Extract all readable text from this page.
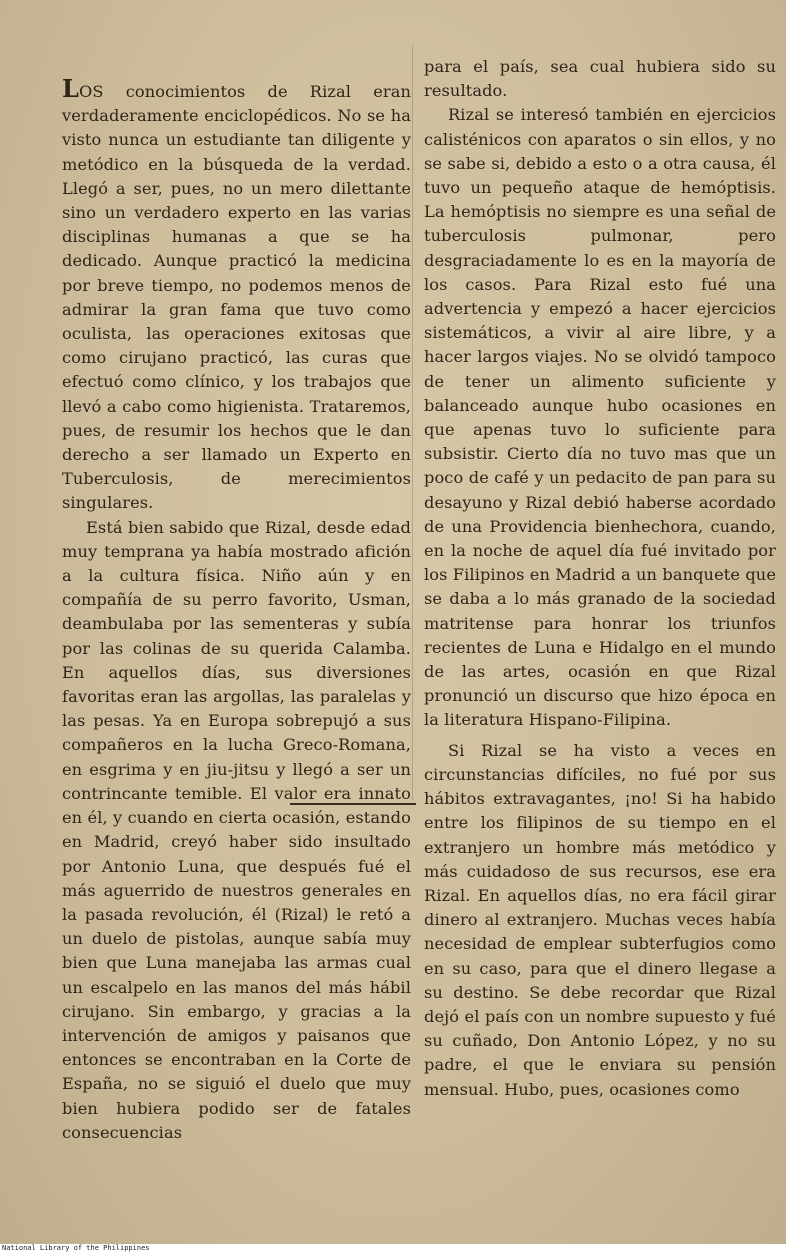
LOS conocimientos de Rizal eran verdaderamente enciclopédicos. No se ha visto nunca un estudiante tan diligente y metódico en la búsqueda de la verdad. Llegó a ser, pues, no un mero dilettante sino un verdadero experto en las varias disciplinas humanas a que se ha dedicado. Aunque practicó la medicina por breve tiempo, no podemos menos de admirar la gran fama que tuvo como oculista, las operaciones exitosas que como cirujano practicó, las curas que efectuó como clínico, y los trabajos que llevó a cabo como higienista. Trataremos, pues, de resumir los hechos que le dan derecho a ser llamado un Experto en Tuberculosis, de merecimientos singulares.

Está bien sabido que Rizal, desde edad muy temprana ya había mostrado afición a la cultura física. Niño aún y en compañía de su perro favorito, Usman, deambulaba por las sementeras y subía por las colinas de su querida Calamba. En aquellos días, sus diversiones favoritas eran las argollas, las paralelas y las pesas. Ya en Europa sobrepujó a sus compañeros en la lucha Greco-Romana, en esgrima y en jiu-jitsu y llegó a ser un contrincante temible. El valor era innato en él, y cuando en cierta ocasión, estando en Madrid, creyó haber sido insultado por Antonio Luna, que después fué el más aguerrido de nuestros generales en la pasada revolución, él (Rizal) le retó a un duelo de pistolas, aunque sabía muy bien que Luna manejaba las armas cual un escalpelo en las manos del más hábil cirujano. Sin embargo, y gracias a la intervención de amigos y paisanos que entonces se encontraban en la Corte de España, no se siguió el duelo que muy bien hubiera podido ser de fatales consecuencias

para el país, sea cual hubiera sido su resultado.

Rizal se interesó también en ejercicios calisténicos con aparatos o sin ellos, y no se sabe si, debido a esto o a otra causa, él tuvo un pequeño ataque de hemóptisis. La hemóptisis no siempre es una señal de tuberculosis pulmonar, pero desgraciadamente lo es en la mayoría de los casos. Para Rizal esto fué una advertencia y empezó a hacer ejercicios sistemáticos, a vivir al aire libre, y a hacer largos viajes. No se olvidó tampoco de tener un alimento suficiente y balanceado aunque hubo ocasiones en que apenas tuvo lo suficiente para subsistir. Cierto día no tuvo mas que un poco de café y un pedacito de pan para su desayuno y Rizal debió haberse acordado de una Providencia bienhechora, cuando, en la noche de aquel día fué invitado por los Filipinos en Madrid a un banquete que se daba a lo más granado de la sociedad matritense para honrar los triunfos recientes de Luna e Hidalgo en el mundo de las artes, ocasión en que Rizal pronunció un discurso que hizo época en la literatura Hispano-Filipina.

Si Rizal se ha visto a veces en circunstancias difíciles, no fué por sus hábitos extravagantes, ¡no! Si ha habido entre los filipinos de su tiempo en el extranjero un hombre más metódico y más cuidadoso de sus recursos, ese era Rizal. En aquellos días, no era fácil girar dinero al extranjero. Muchas veces había necesidad de emplear subterfugios como en su caso, para que el dinero llegase a su destino. Se debe recordar que Rizal dejó el país con un nombre supuesto y fué su cuñado, Don Antonio López, y no su padre, el que le enviara su pensión mensual. Hubo, pues, ocasiones como

National Library of the Philippines
